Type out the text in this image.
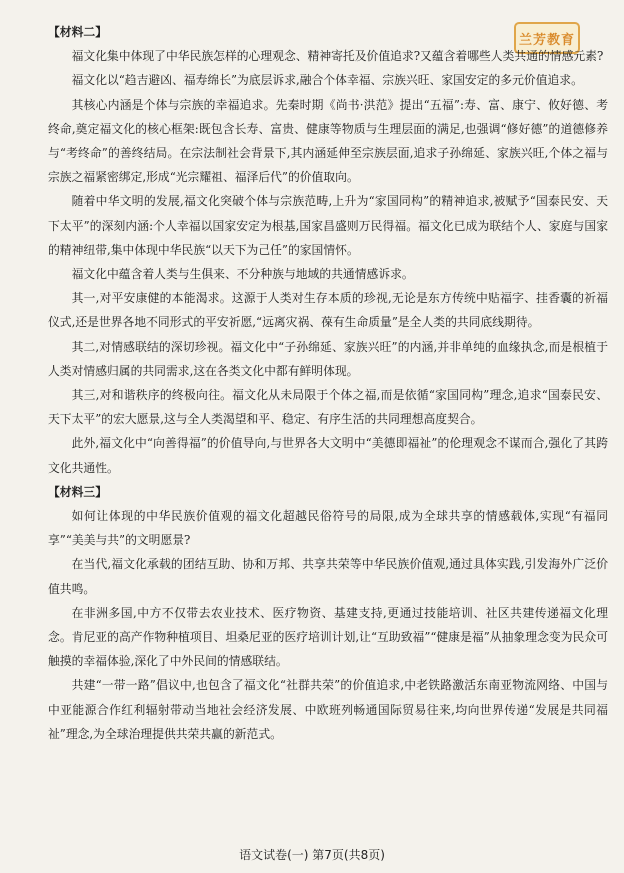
兰芳教育

【材料二】

福文化集中体现了中华民族怎样的心理观念、精神寄托及价值追求?又蕴含着哪些人类共通的情感元素?

福文化以“趋吉避凶、福寿绵长”为底层诉求,融合个体幸福、宗族兴旺、家国安定的多元价值追求。

其核心内涵是个体与宗族的幸福追求。先秦时期《尚书·洪范》提出“五福”:寿、富、康宁、攸好德、考终命,奠定福文化的核心框架:既包含长寿、富贵、健康等物质与生理层面的满足,也强调“修好德”的道德修养与“考终命”的善终结局。在宗法制社会背景下,其内涵延伸至宗族层面,追求子孙绵延、家族兴旺,个体之福与宗族之福紧密绑定,形成“光宗耀祖、福泽后代”的价值取向。

随着中华文明的发展,福文化突破个体与宗族范畴,上升为“家国同构”的精神追求,被赋予“国泰民安、天下太平”的深刻内涵:个人幸福以国家安定为根基,国家昌盛则万民得福。福文化已成为联结个人、家庭与国家的精神纽带,集中体现中华民族“以天下为己任”的家国情怀。

福文化中蕴含着人类与生俱来、不分种族与地域的共通情感诉求。

其一,对平安康健的本能渴求。这源于人类对生存本质的珍视,无论是东方传统中贴福字、挂香囊的祈福仪式,还是世界各地不同形式的平安祈愿,“远离灾祸、葆有生命质量”是全人类的共同底线期待。

其二,对情感联结的深切珍视。福文化中“子孙绵延、家族兴旺”的内涵,并非单纯的血缘执念,而是根植于人类对情感归属的共同需求,这在各类文化中都有鲜明体现。

其三,对和谐秩序的终极向往。福文化从未局限于个体之福,而是依循“家国同构”理念,追求“国泰民安、天下太平”的宏大愿景,这与全人类渴望和平、稳定、有序生活的共同理想高度契合。

此外,福文化中“向善得福”的价值导向,与世界各大文明中“美德即福祉”的伦理观念不谋而合,强化了其跨文化共通性。

【材料三】

如何让体现的中华民族价值观的福文化超越民俗符号的局限,成为全球共享的情感载体,实现“有福同享”“美美与共”的文明愿景?

在当代,福文化承载的团结互助、协和万邦、共享共荣等中华民族价值观,通过具体实践,引发海外广泛价值共鸣。

在非洲多国,中方不仅带去农业技术、医疗物资、基建支持,更通过技能培训、社区共建传递福文化理念。肯尼亚的高产作物种植项目、坦桑尼亚的医疗培训计划,让“互助致福”“健康是福”从抽象理念变为民众可触摸的幸福体验,深化了中外民间的情感联结。

共建“一带一路”倡议中,也包含了福文化“社群共荣”的价值追求,中老铁路激活东南亚物流网络、中国与中亚能源合作红利辐射带动当地社会经济发展、中欧班列畅通国际贸易往来,均向世界传递“发展是共同福祉”理念,为全球治理提供共荣共赢的新范式。

语文试卷(一) 第7页(共8页)
